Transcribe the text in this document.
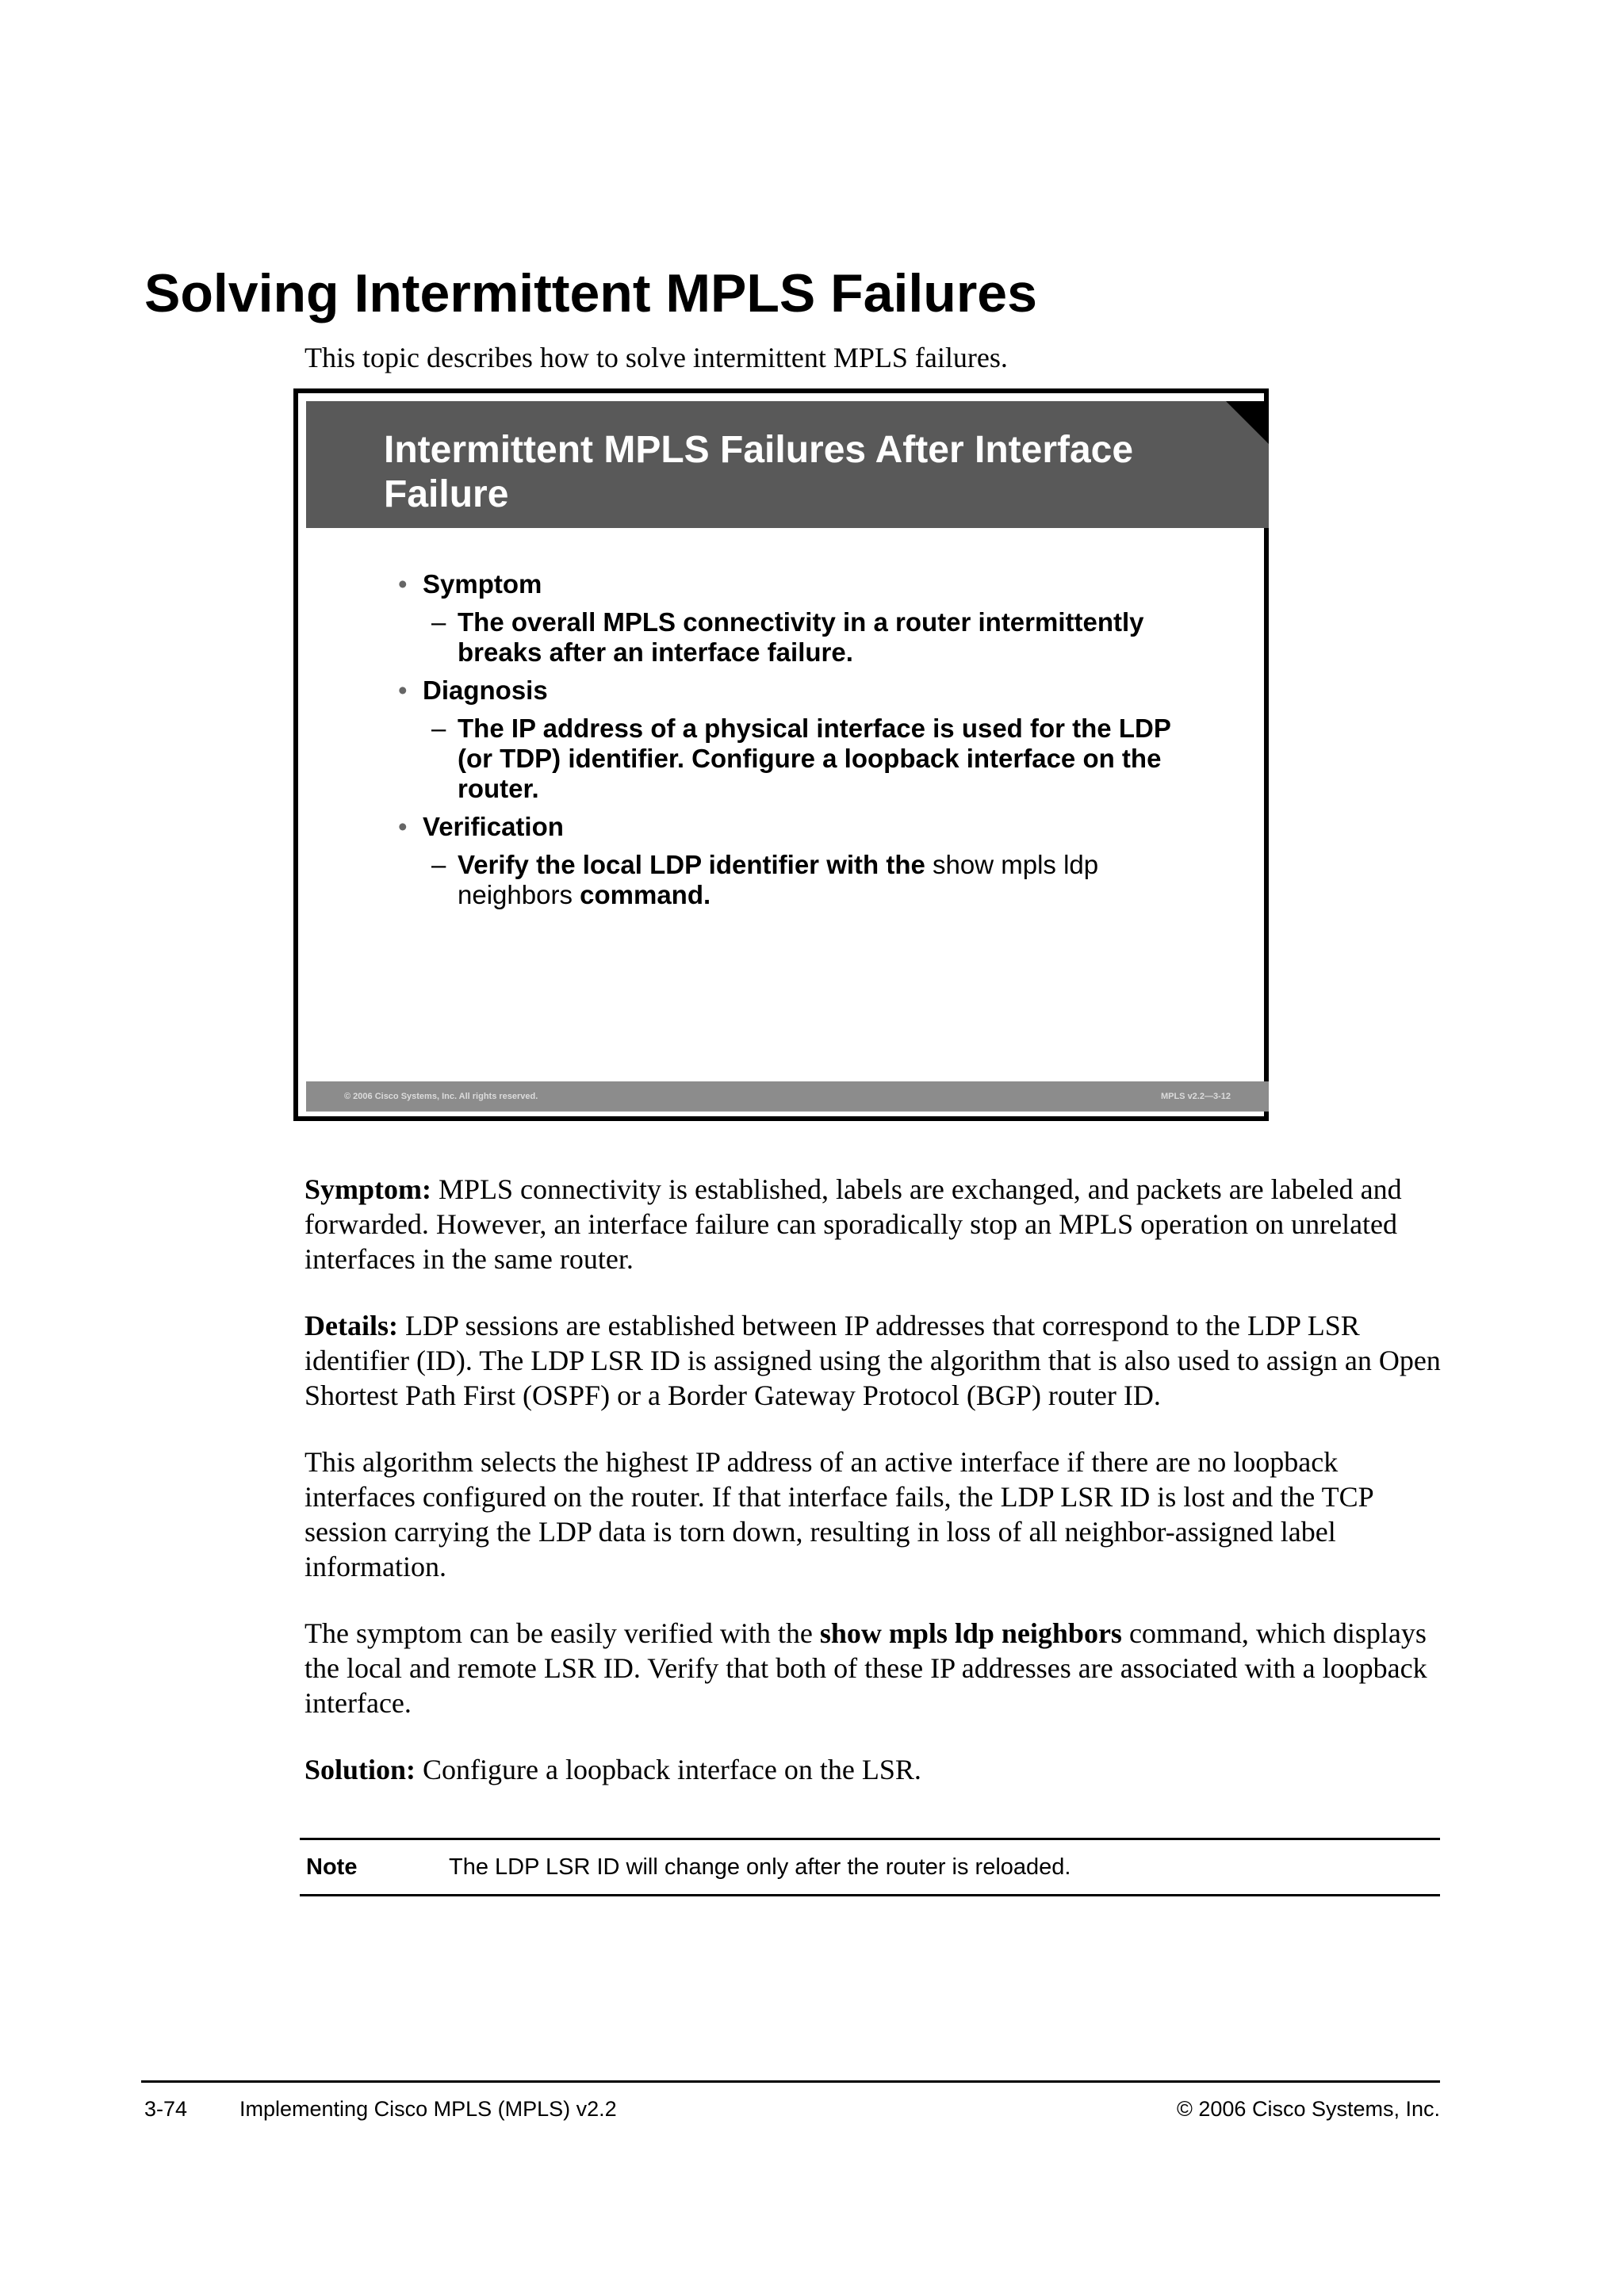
Solving Intermittent MPLS Failures
This topic describes how to solve intermittent MPLS failures.
Intermittent MPLS Failures After Interface Failure
• Symptom
– The overall MPLS connectivity in a router intermittently breaks after an interface failure.
• Diagnosis
– The IP address of a physical interface is used for the LDP (or TDP) identifier. Configure a loopback interface on the router.
• Verification
– Verify the local LDP identifier with the show mpls ldp neighbors command.
© 2006 Cisco Systems, Inc. All rights reserved.	MPLS v2.2—3-12

Symptom: MPLS connectivity is established, labels are exchanged, and packets are labeled and forwarded. However, an interface failure can sporadically stop an MPLS operation on unrelated interfaces in the same router.

Details: LDP sessions are established between IP addresses that correspond to the LDP LSR identifier (ID). The LDP LSR ID is assigned using the algorithm that is also used to assign an Open Shortest Path First (OSPF) or a Border Gateway Protocol (BGP) router ID.

This algorithm selects the highest IP address of an active interface if there are no loopback interfaces configured on the router. If that interface fails, the LDP LSR ID is lost and the TCP session carrying the LDP data is torn down, resulting in loss of all neighbor-assigned label information.

The symptom can be easily verified with the show mpls ldp neighbors command, which displays the local and remote LSR ID. Verify that both of these IP addresses are associated with a loopback interface.

Solution: Configure a loopback interface on the LSR.

Note	The LDP LSR ID will change only after the router is reloaded.
3-74 Implementing Cisco MPLS (MPLS) v2.2	© 2006 Cisco Systems, Inc.
